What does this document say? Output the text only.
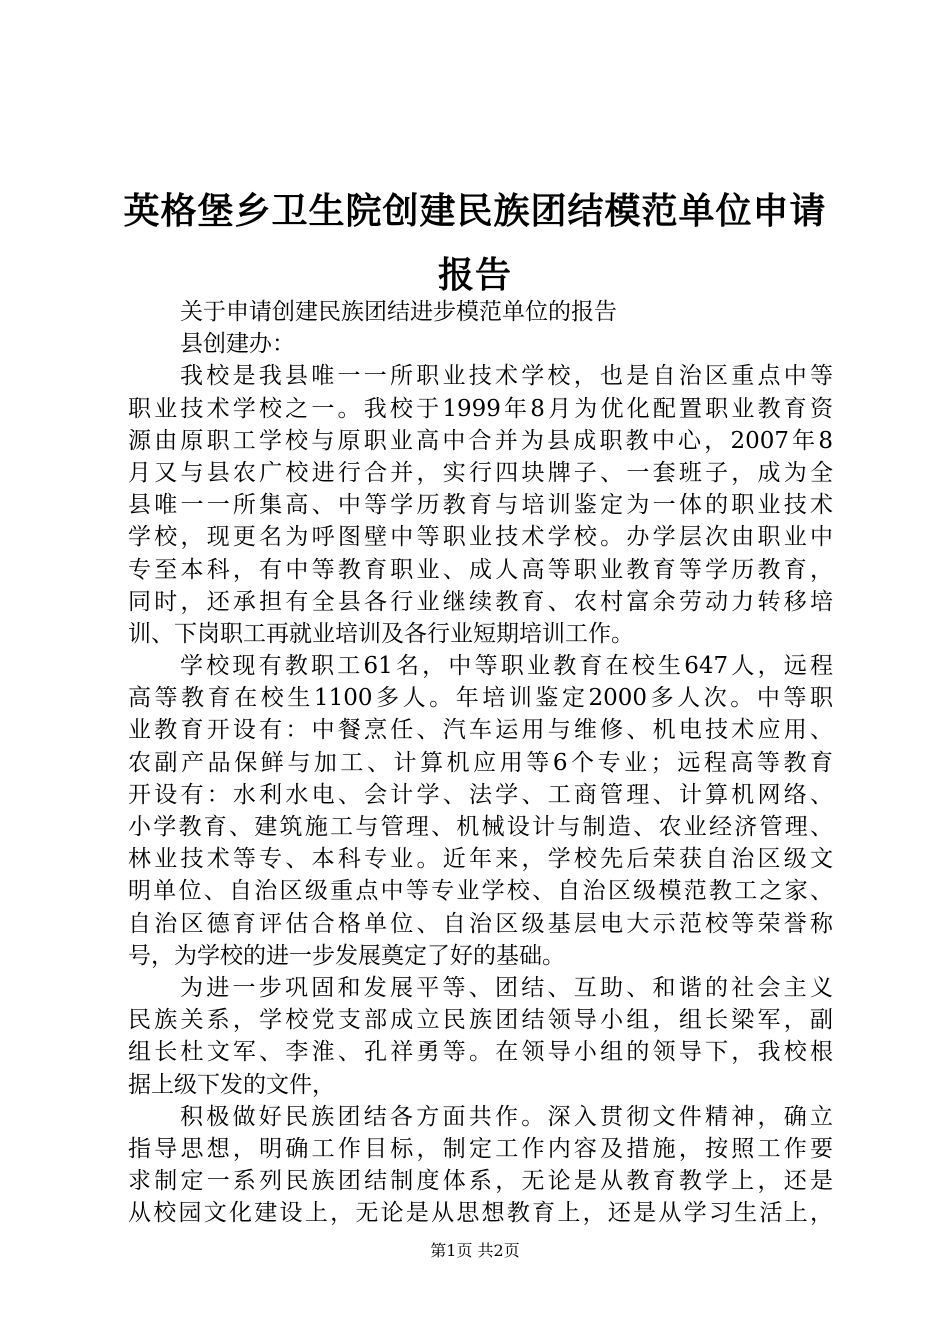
英格堡乡卫生院创建民族团结模范单位申请报告

关于申请创建民族团结进步模范单位的报告

县创建办：

我校是我县唯一一所职业技术学校，也是自治区重点中等

职业技术学校之一。我校于1999年8月为优化配置职业教育资

源由原职工学校与原职业高中合并为县成职教中心，2007年8

月又与县农广校进行合并，实行四块牌子、一套班子，成为全

县唯一一所集高、中等学历教育与培训鉴定为一体的职业技术

学校，现更名为呼图壁中等职业技术学校。办学层次由职业中

专至本科，有中等教育职业、成人高等职业教育等学历教育，

同时，还承担有全县各行业继续教育、农村富余劳动力转移培

训、下岗职工再就业培训及各行业短期培训工作。

学校现有教职工61名，中等职业教育在校生647人，远程

高等教育在校生1100多人。年培训鉴定2000多人次。中等职

业教育开设有：中餐烹任、汽车运用与维修、机电技术应用、

农副产品保鲜与加工、计算机应用等6个专业；远程高等教育

开设有：水利水电、会计学、法学、工商管理、计算机网络、

小学教育、建筑施工与管理、机械设计与制造、农业经济管理、

林业技术等专、本科专业。近年来，学校先后荣获自治区级文

明单位、自治区级重点中等专业学校、自治区级模范教工之家、

自治区德育评估合格单位、自治区级基层电大示范校等荣誉称

号，为学校的进一步发展奠定了好的基础。

为进一步巩固和发展平等、团结、互助、和谐的社会主义

民族关系，学校党支部成立民族团结领导小组，组长梁军，副

组长杜文军、李淮、孔祥勇等。在领导小组的领导下，我校根

据上级下发的文件，

积极做好民族团结各方面共作。深入贯彻文件精神，确立

指导思想，明确工作目标，制定工作内容及措施，按照工作要

求制定一系列民族团结制度体系，无论是从教育教学上，还是

从校园文化建设上，无论是从思想教育上，还是从学习生活上，

第1页 共2页
